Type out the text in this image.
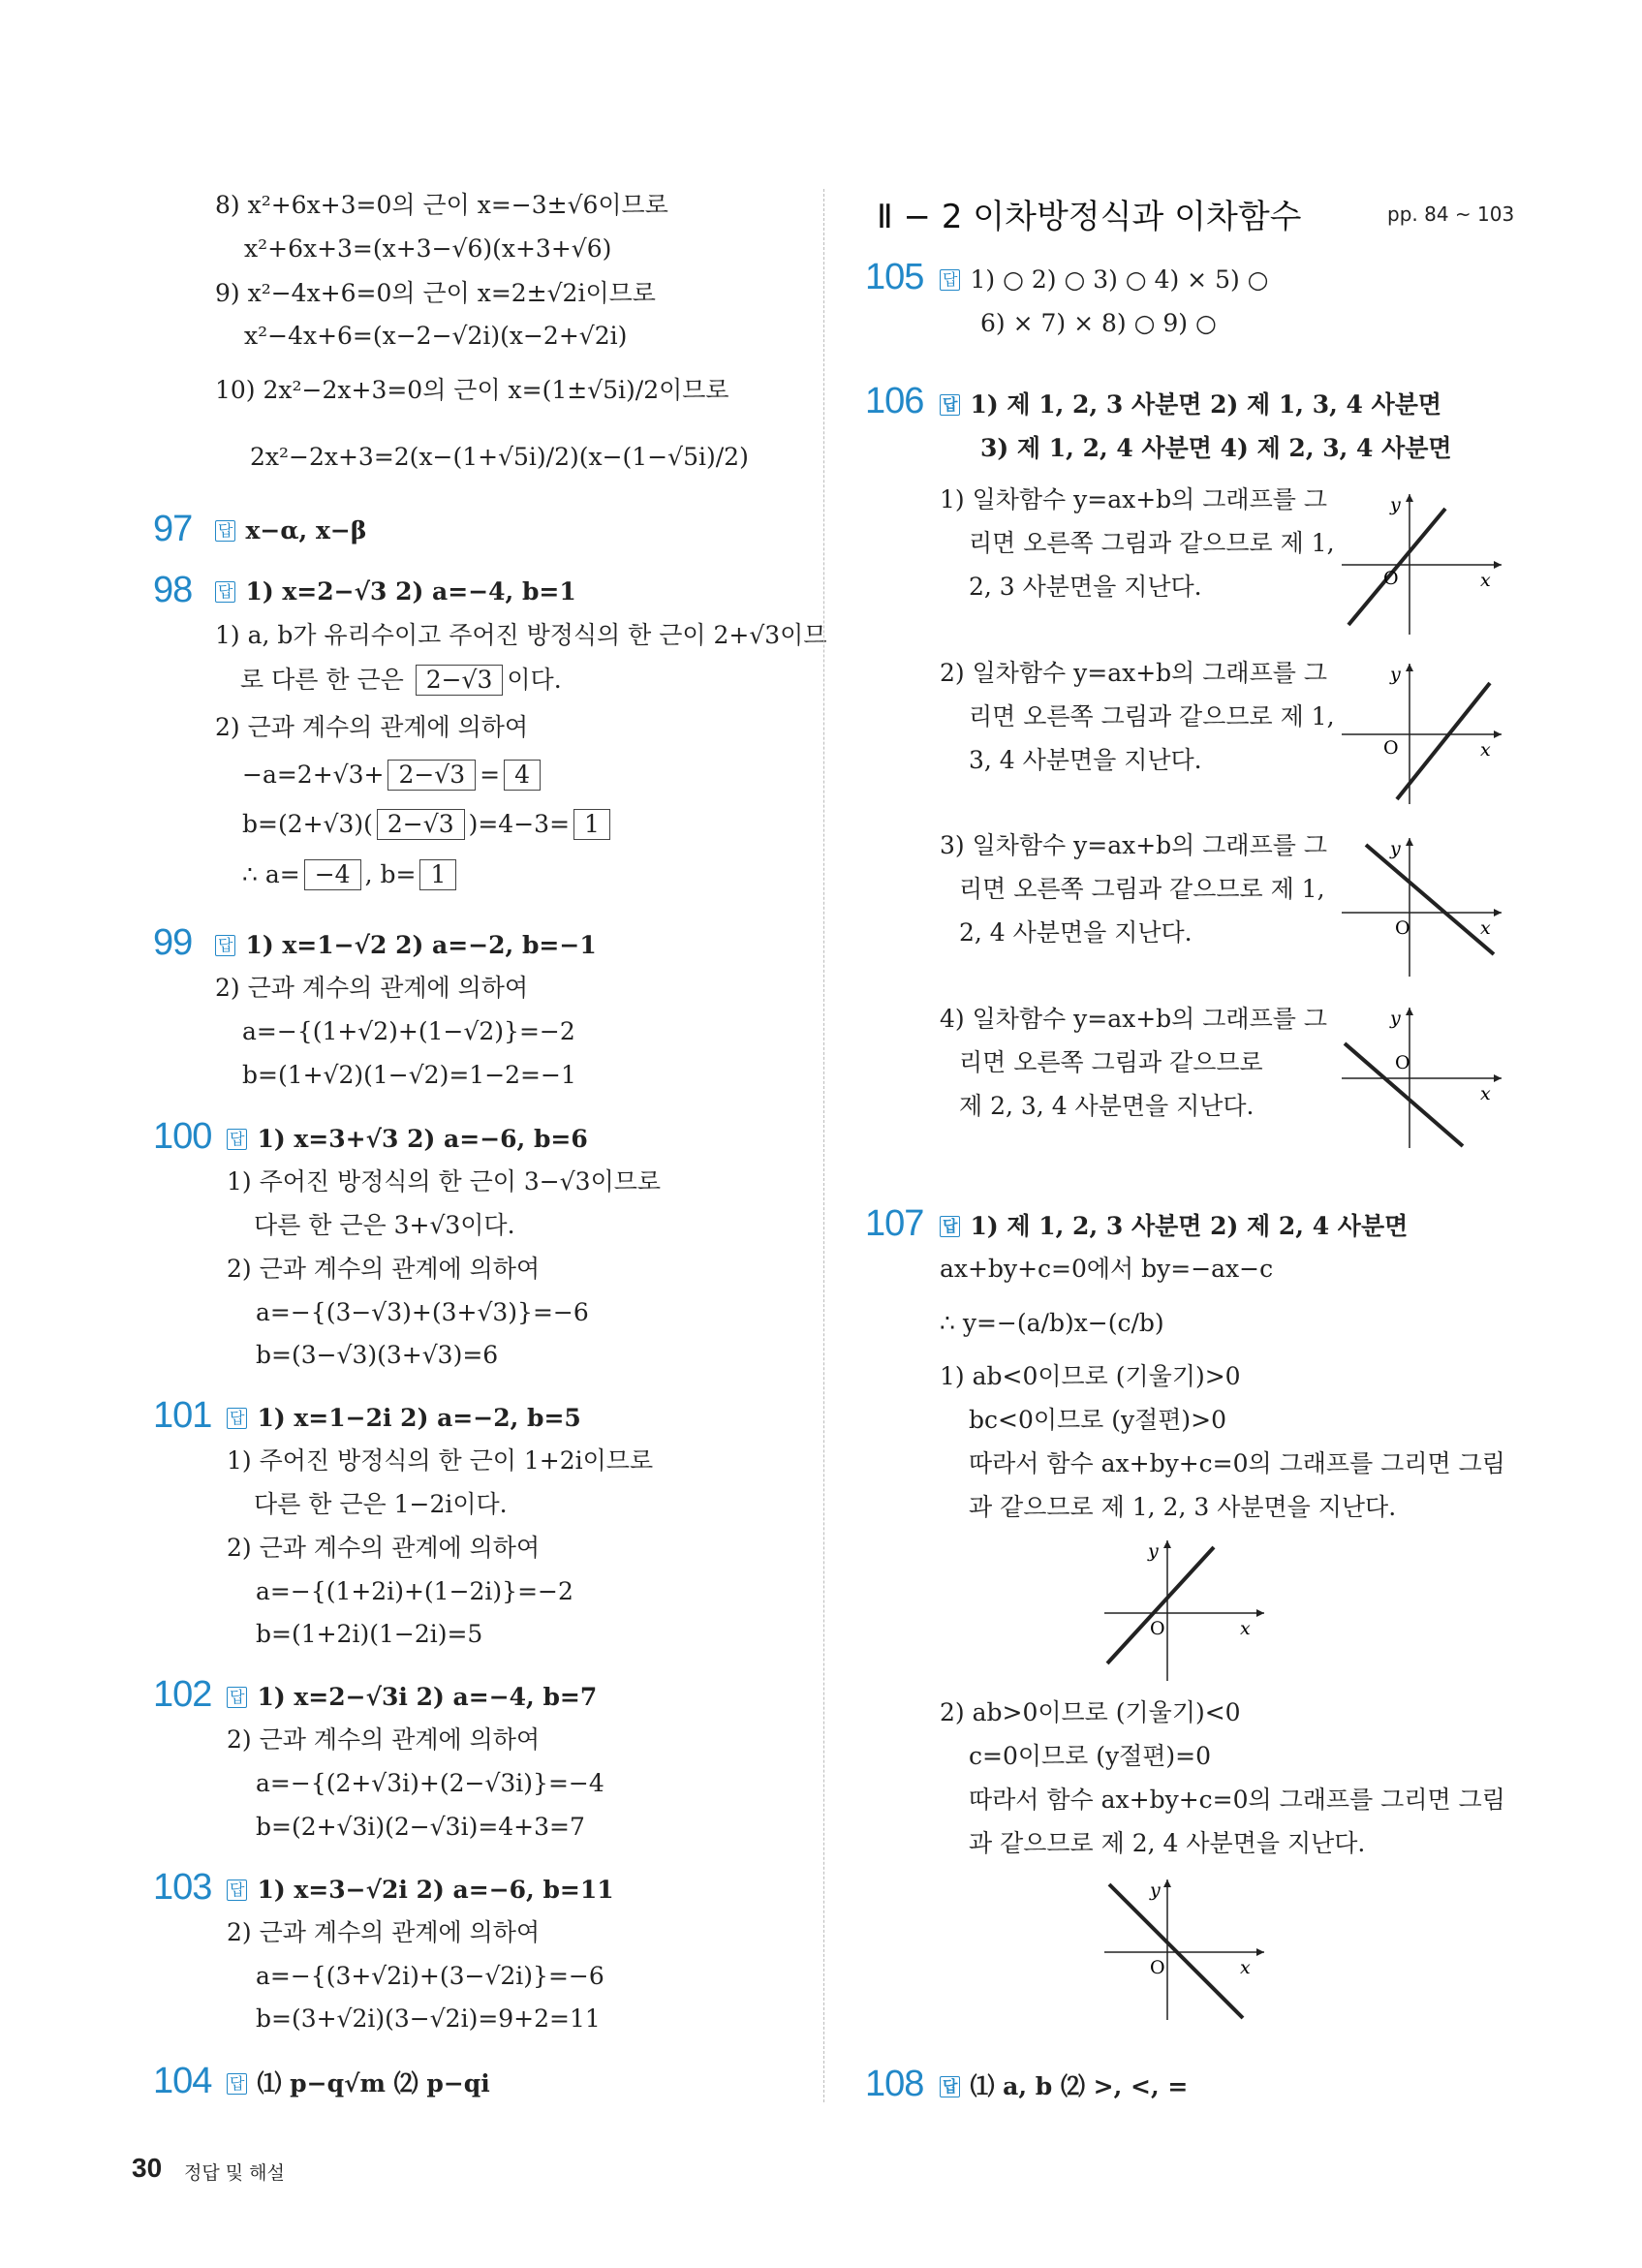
8) x²+6x+3=0의 근이 x=−3±√6이므로
x²+6x+3=(x+3−√6)(x+3+√6)
9) x²−4x+6=0의 근이 x=2±√2i이므로
x²−4x+6=(x−2−√2i)(x−2+√2i)
10) 2x²−2x+3=0의 근이 x=(1±√5i)/2이므로
2x²−2x+3=2(x−(1+√5i)/2)(x−(1−√5i)/2)
97 답 x−α, x−β
98 답 1) x=2−√3 2) a=−4, b=1
1) a, b가 유리수이고 주어진 방정식의 한 근이 2+√3이므
로 다른 한 근은 2−√3 이다.
2) 근과 계수의 관계에 의하여
−a=2+√3+ 2−√3 = 4
b=(2+√3)( 2−√3 )=4−3= 1
∴ a= −4 , b= 1
99 답 1) x=1−√2 2) a=−2, b=−1
2) 근과 계수의 관계에 의하여
a=−{(1+√2)+(1−√2)}=−2
b=(1+√2)(1−√2)=1−2=−1
100 답 1) x=3+√3 2) a=−6, b=6
1) 주어진 방정식의 한 근이 3−√3이므로
다른 한 근은 3+√3이다.
2) 근과 계수의 관계에 의하여
a=−{(3−√3)+(3+√3)}=−6
b=(3−√3)(3+√3)=6
101 답 1) x=1−2i 2) a=−2, b=5
1) 주어진 방정식의 한 근이 1+2i이므로
다른 한 근은 1−2i이다.
2) 근과 계수의 관계에 의하여
a=−{(1+2i)+(1−2i)}=−2
b=(1+2i)(1−2i)=5
102 답 1) x=2−√3i 2) a=−4, b=7
2) 근과 계수의 관계에 의하여
a=−{(2+√3i)+(2−√3i)}=−4
b=(2+√3i)(2−√3i)=4+3=7
103 답 1) x=3−√2i 2) a=−6, b=11
2) 근과 계수의 관계에 의하여
a=−{(3+√2i)+(3−√2i)}=−6
b=(3+√2i)(3−√2i)=9+2=11
104 답 ⑴ p−q√m ⑵ p−qi
Ⅱ − 2 이차방정식과 이차함수	pp. 84 ~ 103
105 답 1) ○ 2) ○ 3) ○ 4) × 5) ○
6) × 7) × 8) ○ 9) ○
106 답 1) 제 1, 2, 3 사분면 2) 제 1, 3, 4 사분면
3) 제 1, 2, 4 사분면 4) 제 2, 3, 4 사분면
1) 일차함수 y=ax+b의 그래프를 그
리면 오른쪽 그림과 같으므로 제 1,
2, 3 사분면을 지난다.
2) 일차함수 y=ax+b의 그래프를 그
리면 오른쪽 그림과 같으므로 제 1,
3, 4 사분면을 지난다.
3) 일차함수 y=ax+b의 그래프를 그
리면 오른쪽 그림과 같으므로 제 1,
2, 4 사분면을 지난다.
4) 일차함수 y=ax+b의 그래프를 그
리면 오른쪽 그림과 같으므로
제 2, 3, 4 사분면을 지난다.
O
y
x
O
y
x
O
y
x
O
y
x
107 답 1) 제 1, 2, 3 사분면 2) 제 2, 4 사분면
ax+by+c=0에서 by=−ax−c
∴ y=−(a/b)x−(c/b)
1) ab<0이므로 (기울기)>0
bc<0이므로 (y절편)>0
따라서 함수 ax+by+c=0의 그래프를 그리면 그림
과 같으므로 제 1, 2, 3 사분면을 지난다.
O
y
x
2) ab>0이므로 (기울기)<0
c=0이므로 (y절편)=0
따라서 함수 ax+by+c=0의 그래프를 그리면 그림
과 같으므로 제 2, 4 사분면을 지난다.
O
y
x
108 답 ⑴ a, b ⑵ >, <, =
30 정답 및 해설
